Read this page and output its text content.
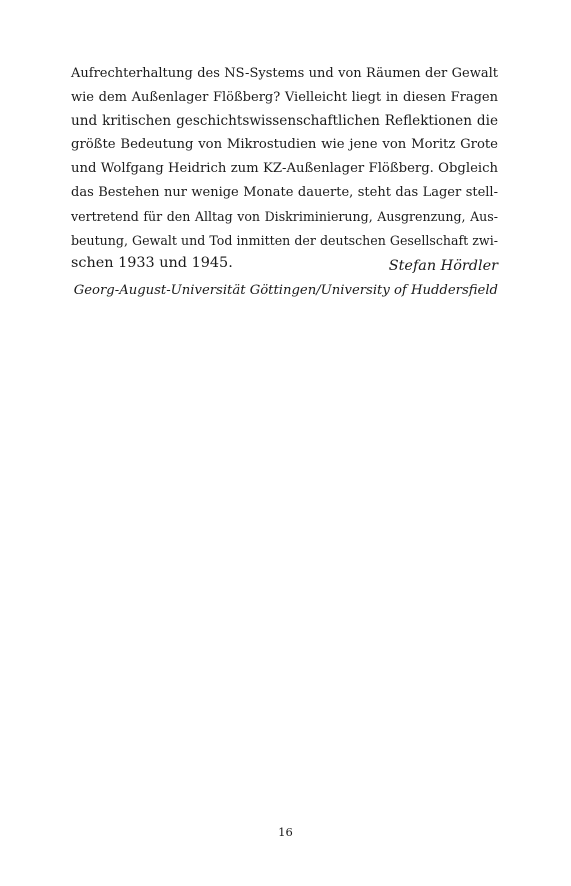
Aufrechterhaltung des NS-Systems und von Räumen der Gewalt
wie dem Außenlager Flößberg? Vielleicht liegt in diesen Fragen
und kritischen geschichtswissenschaftlichen Reflektionen die
größte Bedeutung von Mikrostudien wie jene von Moritz Grote
und Wolfgang Heidrich zum KZ-Außenlager Flößberg. Obgleich
das Bestehen nur wenige Monate dauerte, steht das Lager stell-
vertretend für den Alltag von Diskriminierung, Ausgrenzung, Aus-
beutung, Gewalt und Tod inmitten der deutschen Gesellschaft zwi-
schen 1933 und 1945.	Stefan Hördler
Georg-August-Universität Göttingen/University of Huddersfield
16
